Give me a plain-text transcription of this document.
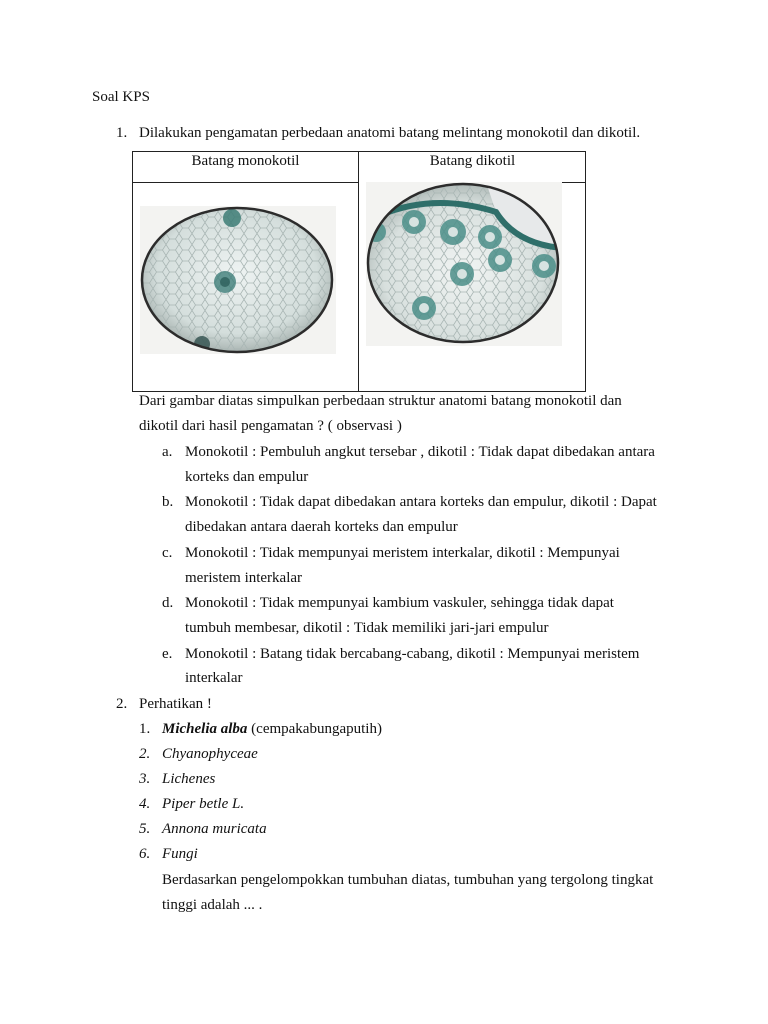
Soal KPS
1. Dilakukan pengamatan perbedaan anatomi batang melintang monokotil dan dikotil.
Batang monokotil	Batang dikotil
Dari gambar diatas simpulkan perbedaan struktur anatomi batang monokotil dan
dikotil dari hasil pengamatan ? ( observasi )
a. Monokotil : Pembuluh angkut tersebar , dikotil : Tidak dapat dibedakan antara
korteks dan empulur
b. Monokotil : Tidak dapat dibedakan antara korteks dan empulur, dikotil : Dapat
dibedakan antara daerah korteks dan empulur
c. Monokotil : Tidak mempunyai meristem interkalar, dikotil : Mempunyai
meristem interkalar
d. Monokotil : Tidak mempunyai kambium vaskuler, sehingga tidak dapat
tumbuh membesar, dikotil : Tidak memiliki jari-jari empulur
e. Monokotil : Batang tidak bercabang-cabang, dikotil : Mempunyai meristem
interkalar
2. Perhatikan !
1. Michelia alba (cempakabungaputih)
2. Chyanophyceae
3. Lichenes
4. Piper betle L.
5. Annona muricata
6. Fungi
Berdasarkan pengelompokkan tumbuhan diatas, tumbuhan yang tergolong tingkat
tinggi adalah ... .
